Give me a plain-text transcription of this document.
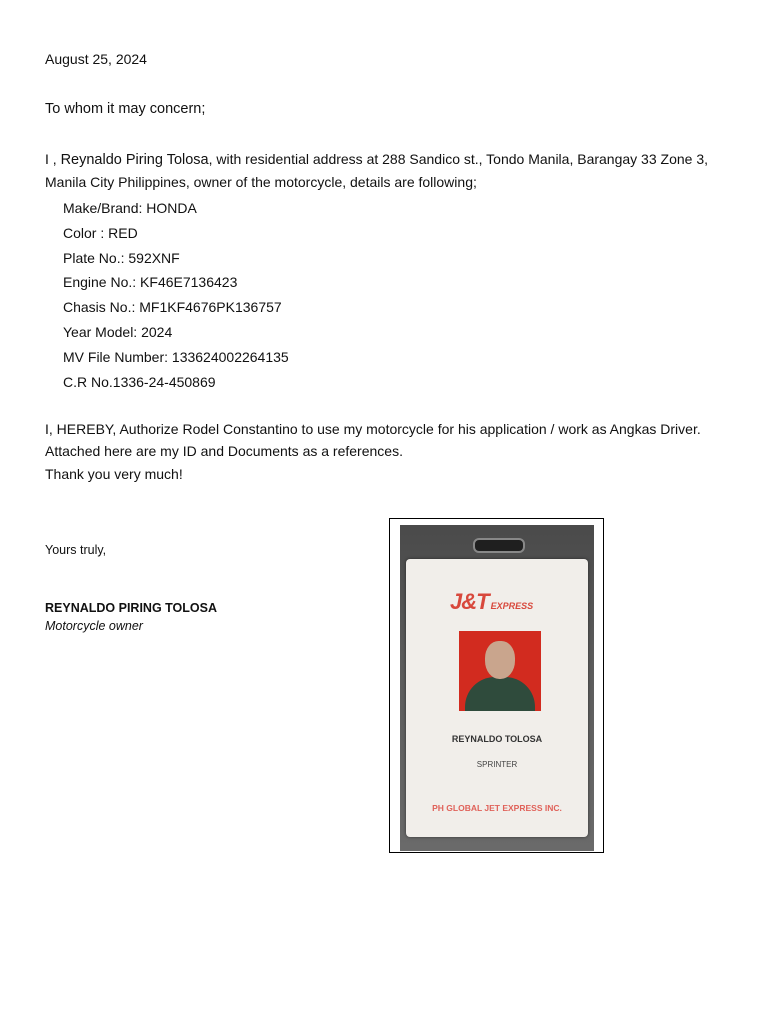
August 25, 2024
To whom it may concern;
I , Reynaldo Piring Tolosa, with residential address at 288 Sandico st., Tondo Manila, Barangay 33 Zone 3, Manila City Philippines, owner of the motorcycle, details are following;
Make/Brand: HONDA
Color : RED
Plate No.: 592XNF
Engine No.: KF46E7136423
Chasis No.: MF1KF4676PK136757
Year Model: 2024
MV File Number: 133624002264135
C.R No.1336-24-450869
I, HEREBY, Authorize Rodel Constantino to use my motorcycle for his application / work as Angkas Driver. Attached here are my ID and Documents as a references.
Thank you very much!
Yours truly,
REYNALDO PIRING TOLOSA
Motorcycle owner
J&T EXPRESS
REYNALDO TOLOSA
SPRINTER
PH GLOBAL JET EXPRESS INC.
